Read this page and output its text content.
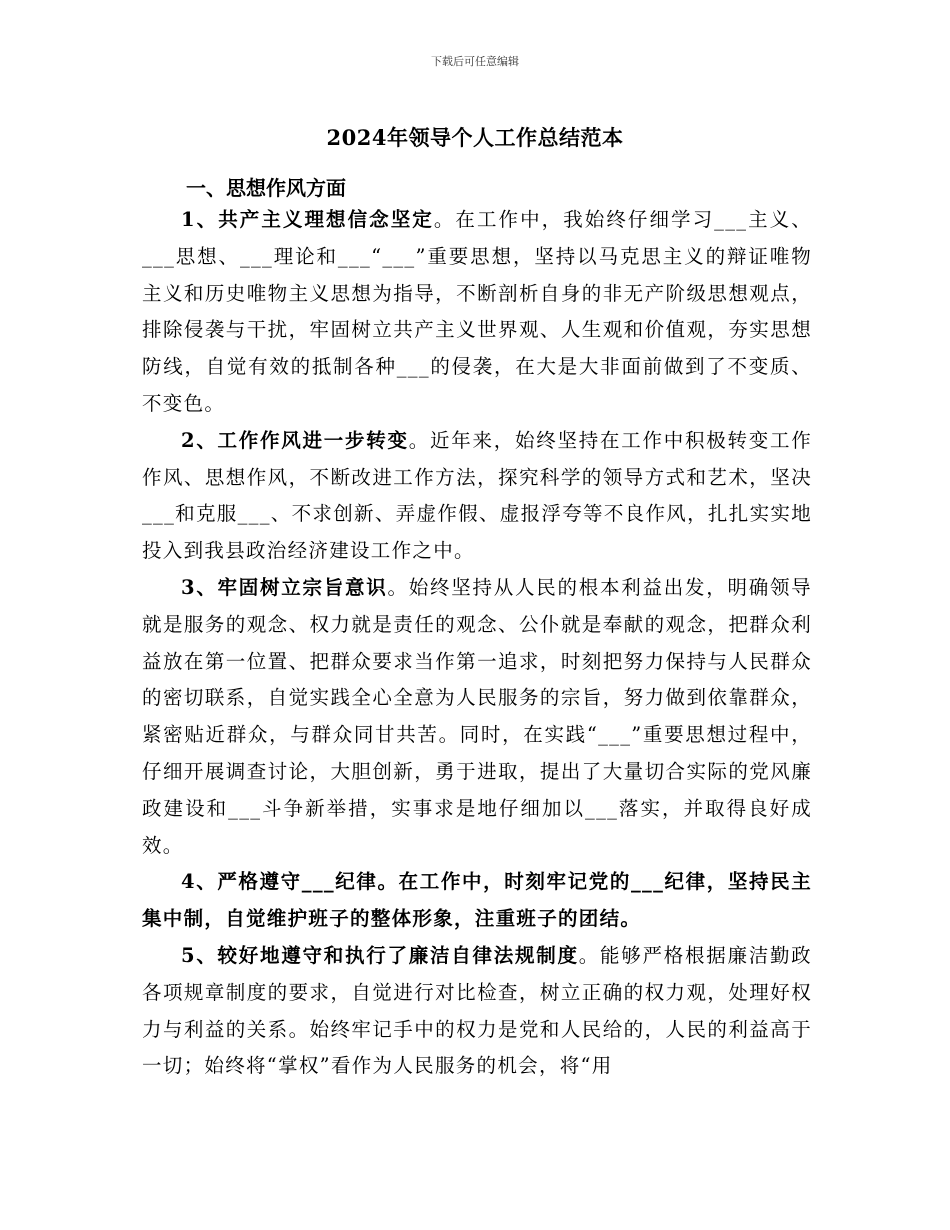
下载后可任意编辑
2024年领导个人工作总结范本
一、思想作风方面

1、共产主义理想信念坚定。在工作中，我始终仔细学习___主义、___思想、___理论和___“___”重要思想，坚持以马克思主义的辩证唯物主义和历史唯物主义思想为指导，不断剖析自身的非无产阶级思想观点，排除侵袭与干扰，牢固树立共产主义世界观、人生观和价值观，夯实思想防线，自觉有效的抵制各种___的侵袭，在大是大非面前做到了不变质、不变色。

2、工作作风进一步转变。近年来，始终坚持在工作中积极转变工作作风、思想作风，不断改进工作方法，探究科学的领导方式和艺术，坚决___和克服___、不求创新、弄虚作假、虚报浮夸等不良作风，扎扎实实地投入到我县政治经济建设工作之中。

3、牢固树立宗旨意识。始终坚持从人民的根本利益出发，明确领导就是服务的观念、权力就是责任的观念、公仆就是奉献的观念，把群众利益放在第一位置、把群众要求当作第一追求，时刻把努力保持与人民群众的密切联系，自觉实践全心全意为人民服务的宗旨，努力做到依靠群众，紧密贴近群众，与群众同甘共苦。同时，在实践“___”重要思想过程中，仔细开展调查讨论，大胆创新，勇于进取，提出了大量切合实际的党风廉政建设和___斗争新举措，实事求是地仔细加以___落实，并取得良好成效。

4、严格遵守___纪律。在工作中，时刻牢记党的___纪律，坚持民主集中制，自觉维护班子的整体形象，注重班子的团结。

5、较好地遵守和执行了廉洁自律法规制度。能够严格根据廉洁勤政各项规章制度的要求，自觉进行对比检查，树立正确的权力观，处理好权力与利益的关系。始终牢记手中的权力是党和人民给的，人民的利益高于一切；始终将“掌权”看作为人民服务的机会，将“用
